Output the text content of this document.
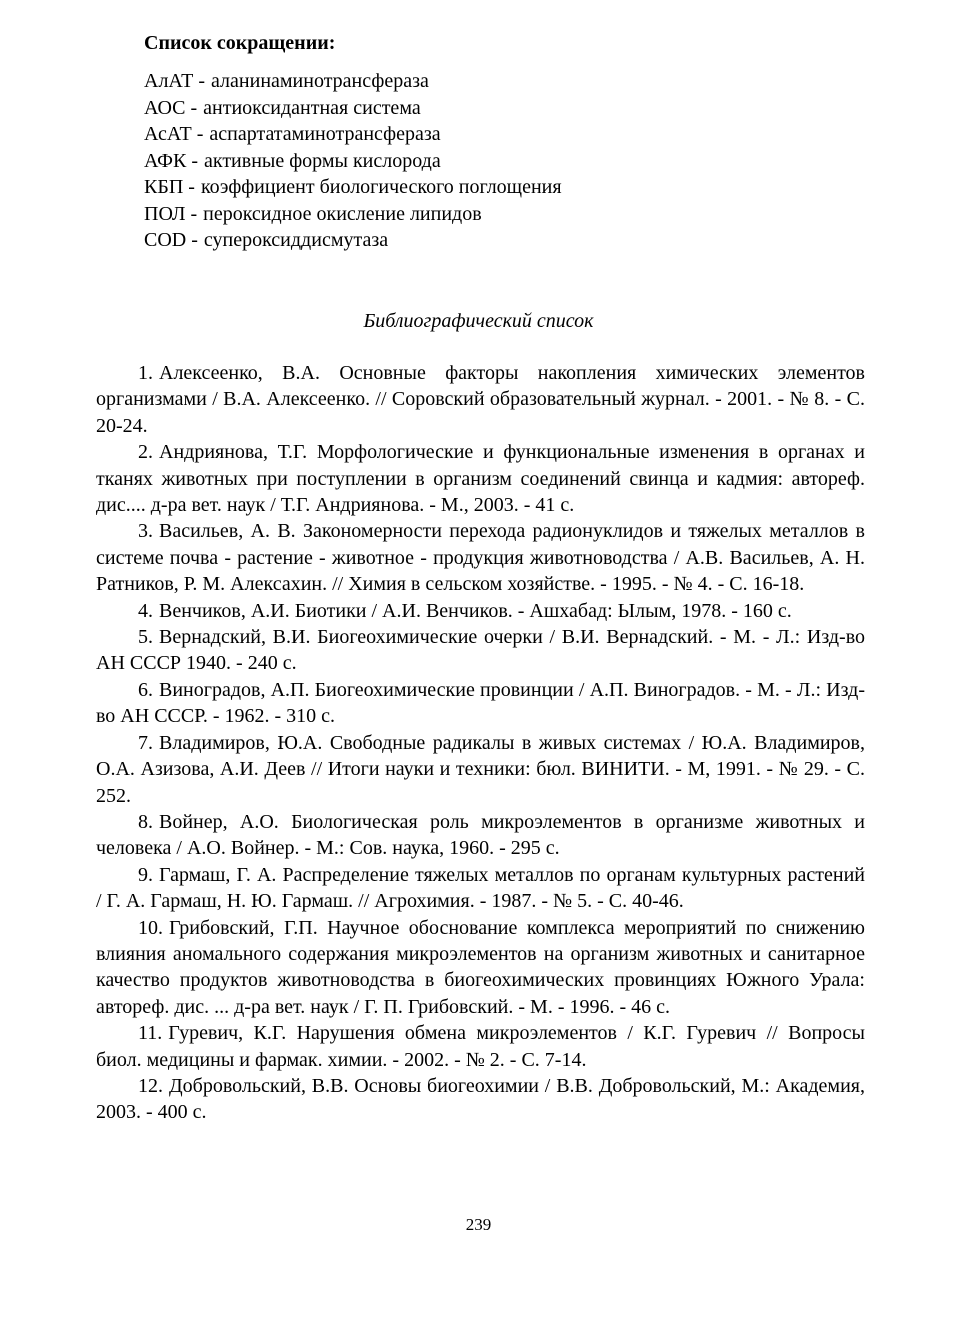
Список сокращении:
АлАТ - аланинаминотрансфераза
АОС - антиоксидантная система
АсАТ - аспартатаминотрансфераза
АФК - активные формы кислорода
КБП - коэффициент биологического поглощения
ПОЛ - пероксидное окисление липидов
СОD - супероксиддисмутаза
Библиографический список
1. Алексеенко, В.А. Основные факторы накопления химических элементов организмами / В.А. Алексеенко. // Соровский образовательный журнал. - 2001. - № 8. - С. 20-24.
2. Андриянова, Т.Г. Морфологические и функциональные изменения в органах и тканях животных при поступлении в организм соединений свинца и кадмия: автореф. дис.... д-ра вет. наук / Т.Г. Андриянова. - М., 2003. - 41 с.
3. Васильев, А. В. Закономерности перехода радионуклидов и тяжелых металлов в системе почва - растение - животное - продукция животноводства / А.В. Васильев, А. Н. Ратников, Р. М. Алексахин. // Химия в сельском хозяйстве. - 1995. - № 4. - С. 16-18.
4. Венчиков, А.И. Биотики / А.И. Венчиков. - Ашхабад: Ылым, 1978. - 160 с.
5. Вернадский, В.И. Биогеохимические очерки / В.И. Вернадский. - М. - Л.: Изд-во АН СССР 1940. - 240 с.
6. Виноградов, А.П. Биогеохимические провинции / А.П. Виноградов. - М. - Л.: Изд-во АН СССР. - 1962. - 310 с.
7. Владимиров, Ю.А. Свободные радикалы в живых системах / Ю.А. Владимиров, О.А. Азизова, А.И. Деев // Итоги науки и техники: бюл. ВИНИТИ. - М, 1991. - № 29. - С. 252.
8. Войнер, А.О. Биологическая роль микроэлементов в организме животных и человека / А.О. Войнер. - М.: Сов. наука, 1960. - 295 с.
9. Гармаш, Г. А. Распределение тяжелых металлов по органам культурных растений / Г. А. Гармаш, Н. Ю. Гармаш. // Агрохимия. - 1987. - № 5. - С. 40-46.
10. Грибовский, Г.П. Научное обоснование комплекса мероприятий по снижению влияния аномального содержания микроэлементов на организм животных и санитарное качество продуктов животноводства в биогеохимических провинциях Южного Урала: автореф. дис. ... д-ра вет. наук / Г. П. Грибовский. - М. - 1996. - 46 с.
11. Гуревич, К.Г. Нарушения обмена микроэлементов / К.Г. Гуревич // Вопросы биол. медицины и фармак. химии. - 2002. - № 2. - С. 7-14.
12. Добровольский, В.В. Основы биогеохимии / В.В. Добровольский, М.: Академия, 2003. - 400 с.
239
